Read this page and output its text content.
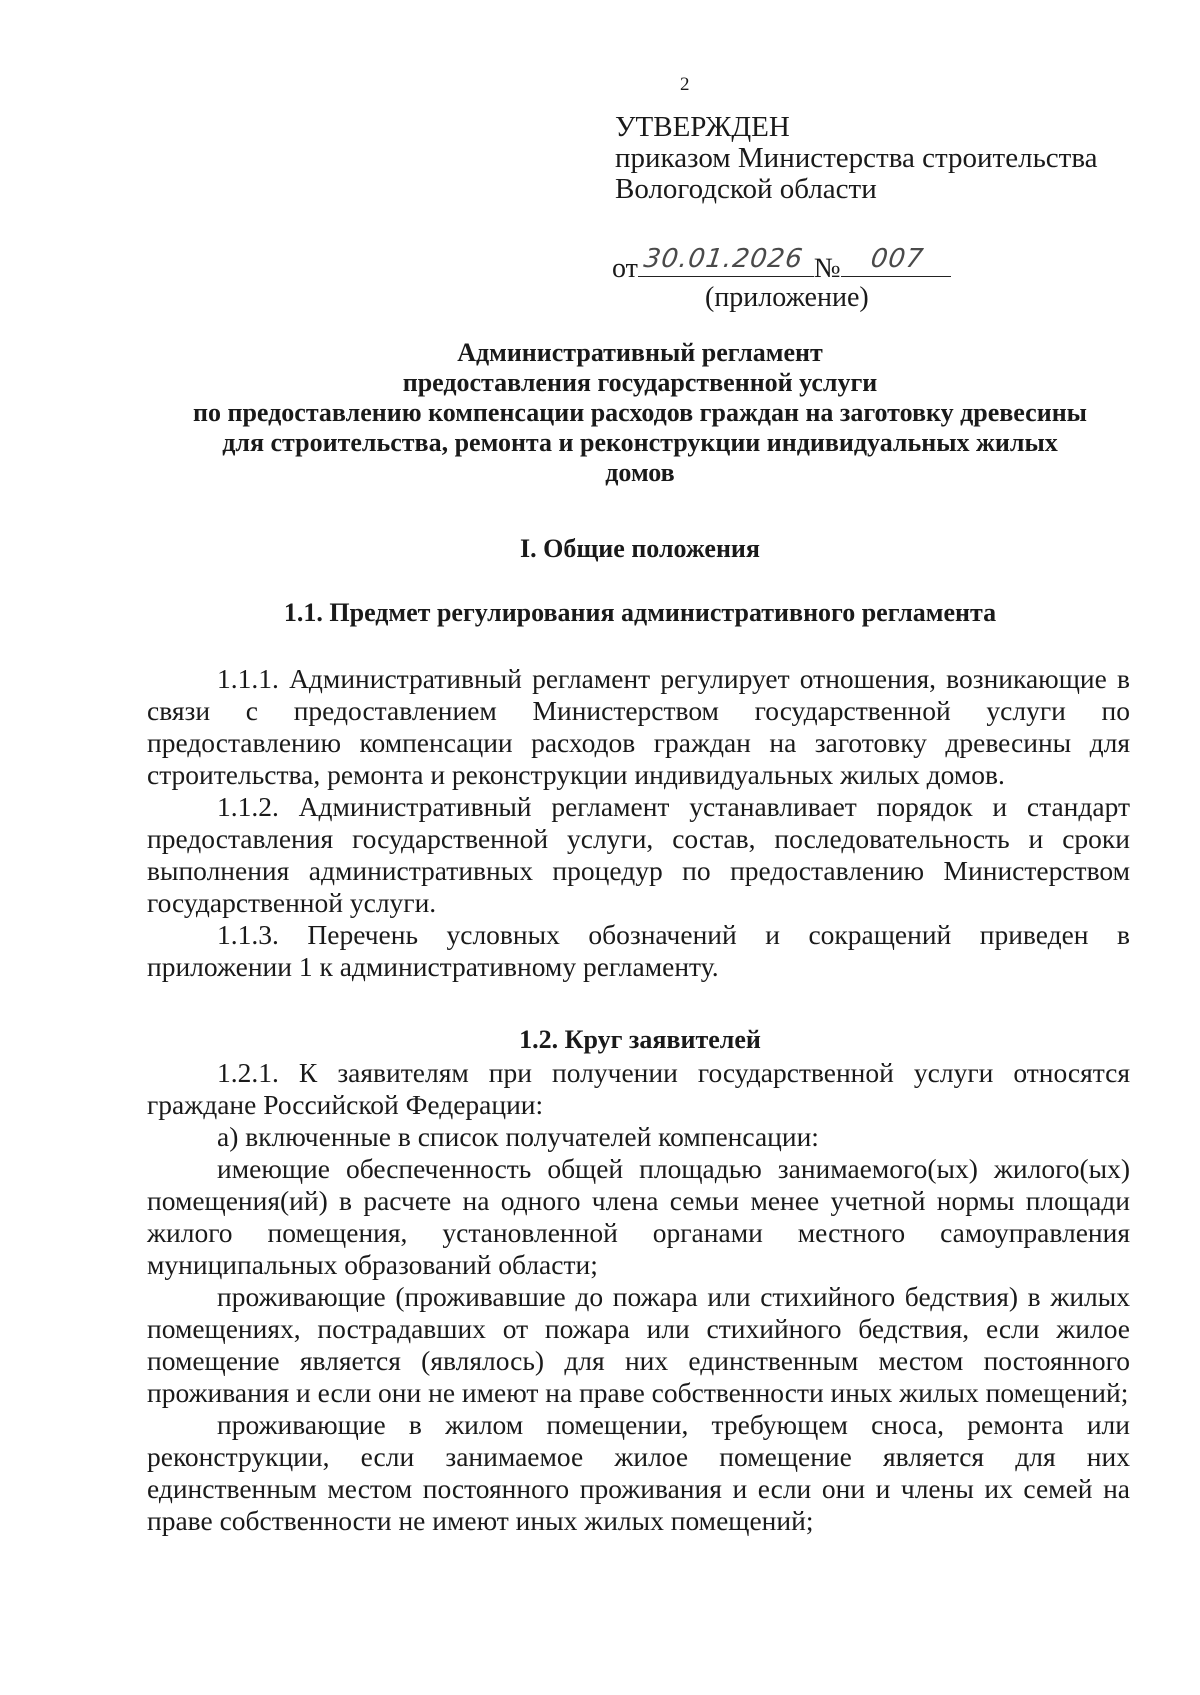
2
УТВЕРЖДЕН
приказом Министерства строительства
Вологодской области
от 30.01.2026 № 007
(приложение)
Административный регламент
предоставления государственной услуги
по предоставлению компенсации расходов граждан на заготовку древесины
для строительства, ремонта и реконструкции индивидуальных жилых
домов
I. Общие положения
1.1. Предмет регулирования административного регламента

1.1.1. Административный регламент регулирует отношения, возникающие в связи с предоставлением Министерством государственной услуги по предоставлению компенсации расходов граждан на заготовку древесины для строительства, ремонта и реконструкции индивидуальных жилых домов.

1.1.2. Административный регламент устанавливает порядок и стандарт предоставления государственной услуги, состав, последовательность и сроки выполнения административных процедур по предоставлению Министерством государственной услуги.

1.1.3. Перечень условных обозначений и сокращений приведен в приложении 1 к административному регламенту.

1.2. Круг заявителей

1.2.1. К заявителям при получении государственной услуги относятся граждане Российской Федерации:

а) включенные в список получателей компенсации:

имеющие обеспеченность общей площадью занимаемого(ых) жилого(ых) помещения(ий) в расчете на одного члена семьи менее учетной нормы площади жилого помещения, установленной органами местного самоуправления муниципальных образований области;

проживающие (проживавшие до пожара или стихийного бедствия) в жилых помещениях, пострадавших от пожара или стихийного бедствия, если жилое помещение является (являлось) для них единственным местом постоянного проживания и если они не имеют на праве собственности иных жилых помещений;

проживающие в жилом помещении, требующем сноса, ремонта или реконструкции, если занимаемое жилое помещение является для них единственным местом постоянного проживания и если они и члены их семей на праве собственности не имеют иных жилых помещений;
